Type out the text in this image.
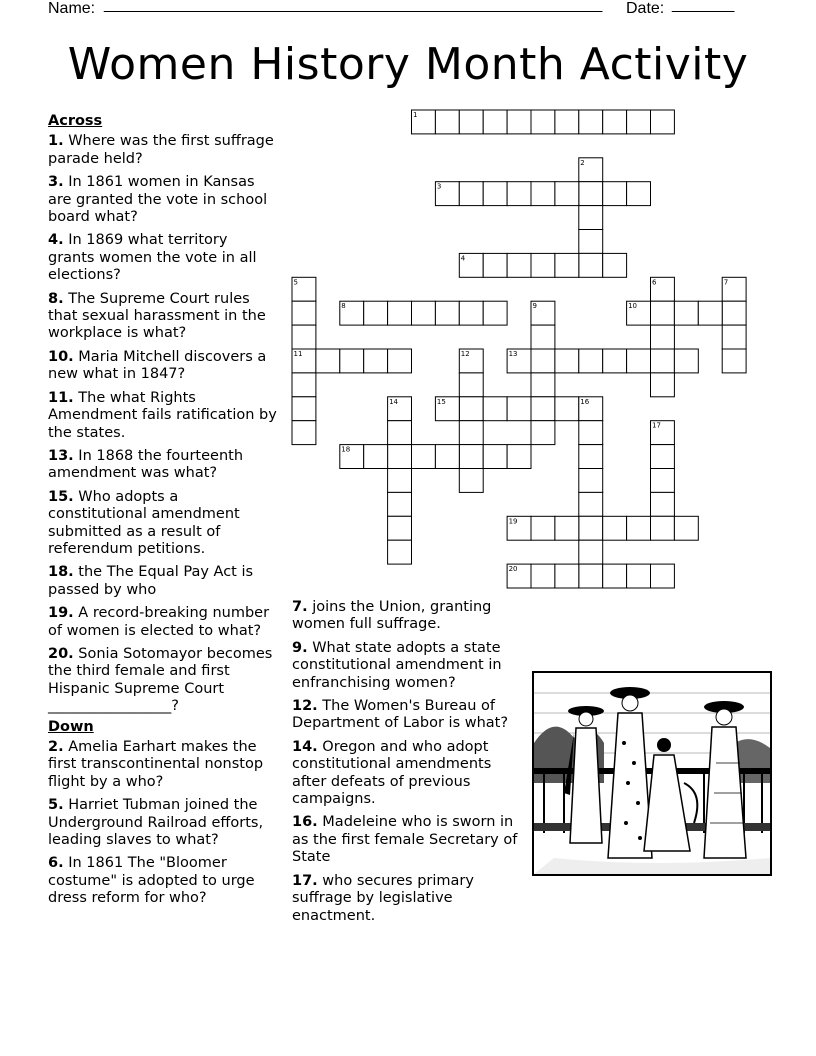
Name: ________________________________________________________ Date: _______
Women History Month Activity
1
2
3
4
5	6	7
8	9	10
11	12	13
14	15	16
17
18
19
20
Across
1. Where was the first suffrage parade held?
3. In 1861 women in Kansas are granted the vote in school board what?
4. In 1869 what territory grants women the vote in all elections?
8. The Supreme Court rules that sexual harassment in the workplace is what?
10. Maria Mitchell discovers a new what in 1847?
11. The what Rights Amendment fails ratification by the states.
13. In 1868 the fourteenth amendment was what?
15. Who adopts a constitutional amendment submitted as a result of referendum petitions.
18. the The Equal Pay Act is passed by who
19. A record-breaking number of women is elected to what?
20. Sonia Sotomayor becomes the third female and first Hispanic Supreme Court _________________?
Down
2. Amelia Earhart makes the first transcontinental nonstop flight by a who?
5. Harriet Tubman joined the Underground Railroad efforts, leading slaves to what?
6. In 1861 The "Bloomer costume" is adopted to urge dress reform for who?
7. joins the Union, granting women full suffrage.
9. What state adopts a state constitutional amendment in enfranchising women?
12. The Women's Bureau of Department of Labor is what?
14. Oregon and who adopt constitutional amendments after defeats of previous campaigns.
16. Madeleine who is sworn in as the first female Secretary of State
17. who secures primary suffrage by legislative enactment.
